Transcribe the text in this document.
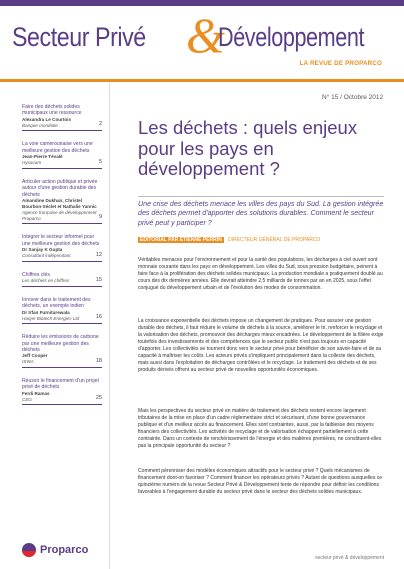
Secteur Privé &
Développement
LA REVUE DE PROPARCO
Faire des déchets solides municipaux une ressource
Alexandra Le Courtois
Banque mondiale	2
La voie camerounaise vers une meilleure gestion des déchets
Jean-Pierre Tévalé
Hysacam	5
Articuler action publique et privée autour d'une gestion durable des déchets
Amandine Dukhan, Christel Bourbon-Séclet et Nathalie Yannic
Agence française de développement Proparco	9
Intégrer le secteur informel pour une meilleure gestion des déchets
Dr Sanjay K Gupta
Consultant indépendant	12
Chiffres clés
Les déchets en chiffres	15
Innover dans le traitement des déchets, un exemple indien
Dr Irfan Furniturewala
Hanjer Biotech Energies Ltd	16
Réduire les émissions de carbone par une meilleure gestion des déchets
Jeff Cooper
ISWA	18
Réussir le financement d'un projet privé de déchets
Ferdi Ramas
CEG	25
Proparco
N° 15 / Octobre 2012
Les déchets : quels enjeux pour les pays en développement ?
Une crise des déchets menace les villes des pays du Sud. La gestion intégrée des déchets permet d'apporter des solutions durables. Comment le secteur privé peut y participer ?
ÉDITORIAL PAR ÉTIENNE PERRIN DIRECTEUR GÉNÉRAL DE PROPARCO

Véritables menaces pour l'environnement et pour la santé des populations, les décharges à ciel ouvert sont monnaie courante dans les pays en développement. Les villes du Sud, sous pression budgétaire, peinent à faire face à la prolifération des déchets solides municipaux. La production mondiale a pratiquement doublé au cours des dix dernières années. Elle devrait atteindre 2,5 milliards de tonnes par an en 2025, sous l'effet conjugué du développement urbain et de l'évolution des modes de consommation.

La croissance exponentielle des déchets impose un changement de pratiques. Pour assurer une gestion durable des déchets, il faut réduire le volume de déchets à la source, améliorer le tri, renforcer le recyclage et la valorisation des déchets, promouvoir des décharges mieux encadrées. Le développement de la filière exige toutefois des investissements et des compétences que le secteur public n'est pas toujours en capacité d'apporter. Les collectivités se tournent donc vers le secteur privé pour bénéficier de son savoir-faire et de sa capacité à maîtriser les coûts. Les acteurs privés s'impliquent principalement dans la collecte des déchets, mais aussi dans l'exploitation de décharges contrôlées et le recyclage. Le traitement des déchets et de ses produits dérivés offrent au secteur privé de nouvelles opportunités économiques.

Mais les perspectives du secteur privé en matière de traitement des déchets restent encore largement tributaires de la mise en place d'un cadre réglementaire strict et sécurisant, d'une bonne gouvernance publique et d'un meilleur accès au financement. Elles sont contraintes, aussi, par la faiblesse des moyens financiers des collectivités. Les activités de recyclage et de valorisation échappent partiellement à cette contrainte. Dans un contexte de renchérissement de l'énergie et des matières premières, ne constituent-elles pas la principale opportunité du secteur ?

Comment pérenniser des modèles économiques attractifs pour le secteur privé ? Quels mécanismes de financement dont-on favoriser ? Comment financer les opérateurs privés ? Autant de questions auxquelles ce quinzième numéro de la revue Secteur Privé & Développement tente de répondre pour définir les conditions favorables à l'engagement durable du secteur privé dans le secteur des déchets solides municipaux.

secteur privé & développement
